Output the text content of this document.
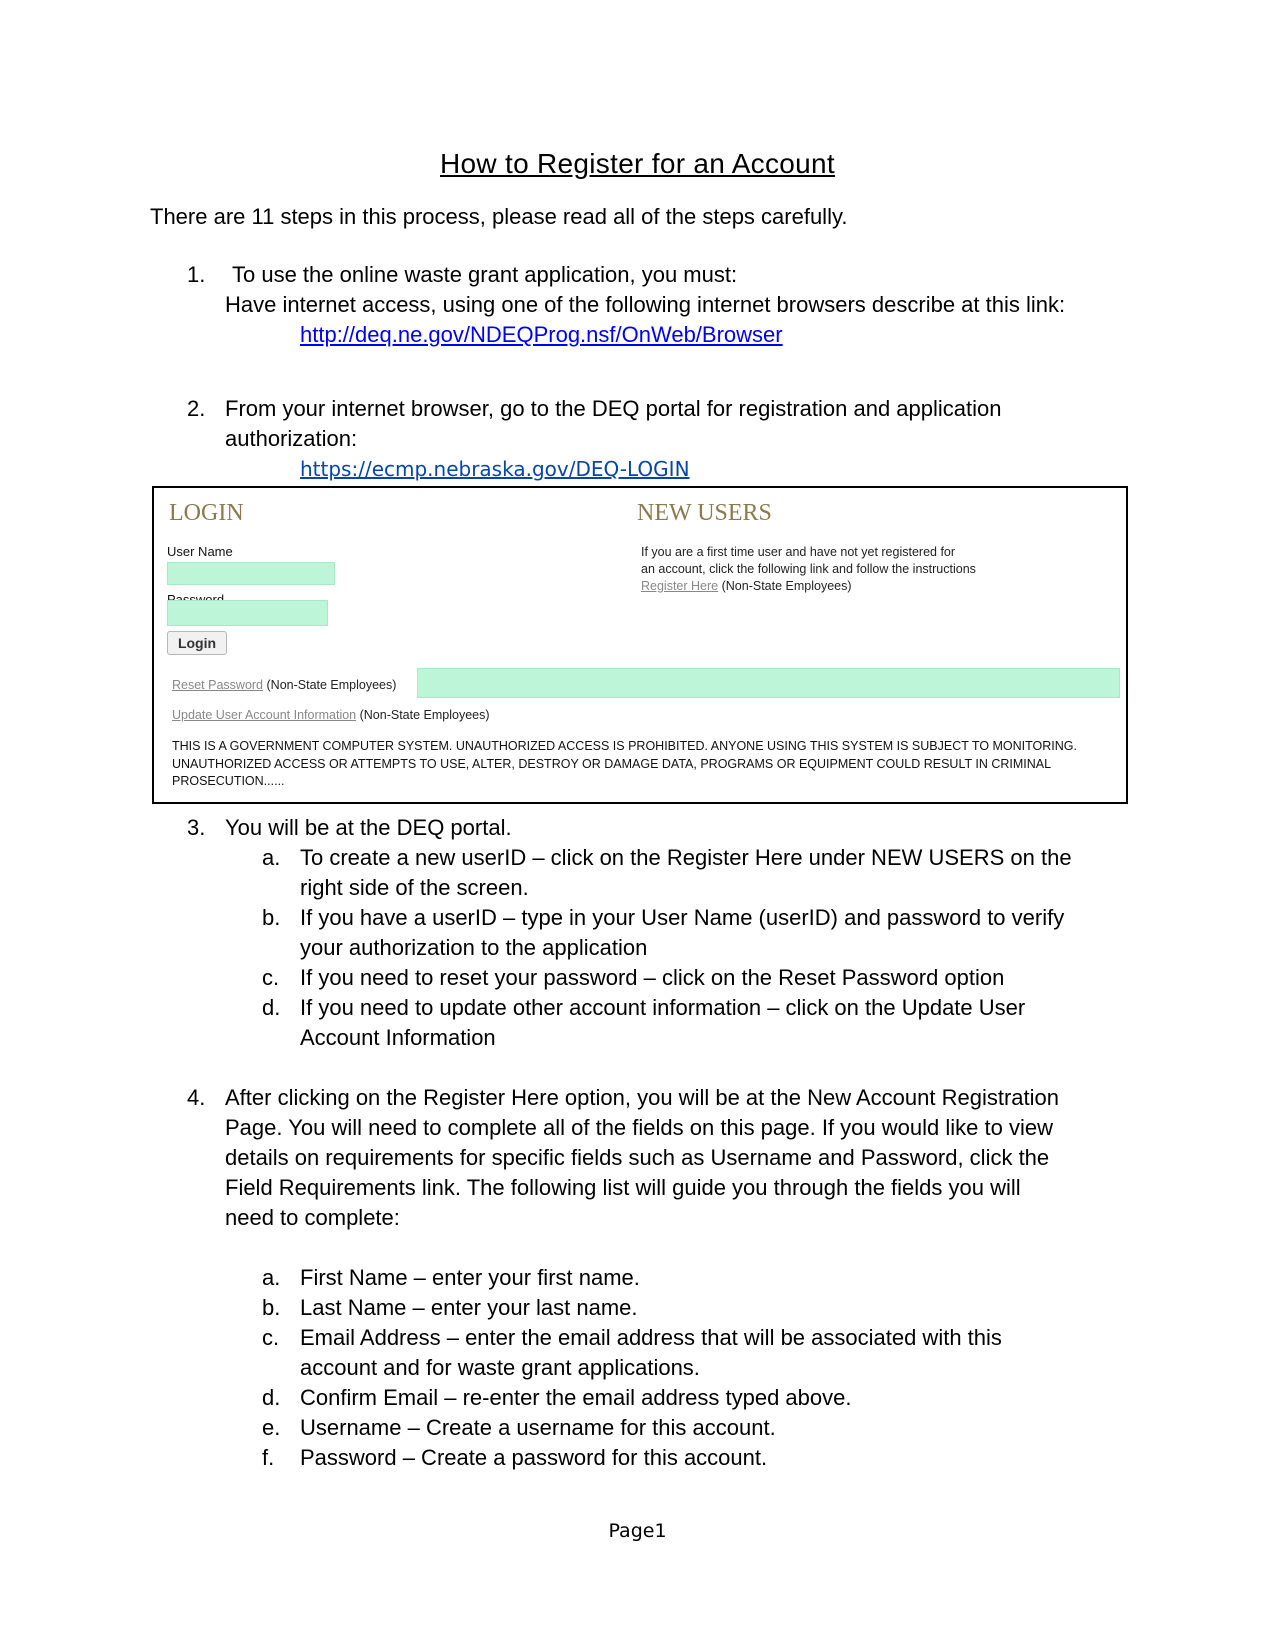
How to Register for an Account
There are 11 steps in this process, please read all of the steps carefully.
1. To use the online waste grant application, you must:
Have internet access, using one of the following internet browsers describe at this link:
http://deq.ne.gov/NDEQProg.nsf/OnWeb/Browser
2. From your internet browser, go to the DEQ portal for registration and application
authorization:
https://ecmp.nebraska.gov/DEQ-LOGIN
LOGIN
User Name
Login
NEW USERS
If you are a first time user and have not yet registered for
an account, click the following link and follow the instructions
Register Here (Non-State Employees)
Reset Password (Non-State Employees)
Update User Account Information (Non-State Employees)
THIS IS A GOVERNMENT COMPUTER SYSTEM. UNAUTHORIZED ACCESS IS PROHIBITED. ANYONE USING THIS SYSTEM IS SUBJECT TO MONITORING. UNAUTHORIZED ACCESS OR ATTEMPTS TO USE, ALTER, DESTROY OR DAMAGE DATA, PROGRAMS OR EQUIPMENT COULD RESULT IN CRIMINAL PROSECUTION......
3. You will be at the DEQ portal.
a. To create a new userID – click on the Register Here under NEW USERS on the
right side of the screen.
b. If you have a userID – type in your User Name (userID) and password to verify
your authorization to the application
c. If you need to reset your password – click on the Reset Password option
d. If you need to update other account information – click on the Update User
Account Information
4. After clicking on the Register Here option, you will be at the New Account Registration
Page. You will need to complete all of the fields on this page. If you would like to view
details on requirements for specific fields such as Username and Password, click the
Field Requirements link. The following list will guide you through the fields you will
need to complete:
a. First Name – enter your first name.
b. Last Name – enter your last name.
c. Email Address – enter the email address that will be associated with this
account and for waste grant applications.
d. Confirm Email – re-enter the email address typed above.
e. Username – Create a username for this account.
f. Password – Create a password for this account.
Page1
